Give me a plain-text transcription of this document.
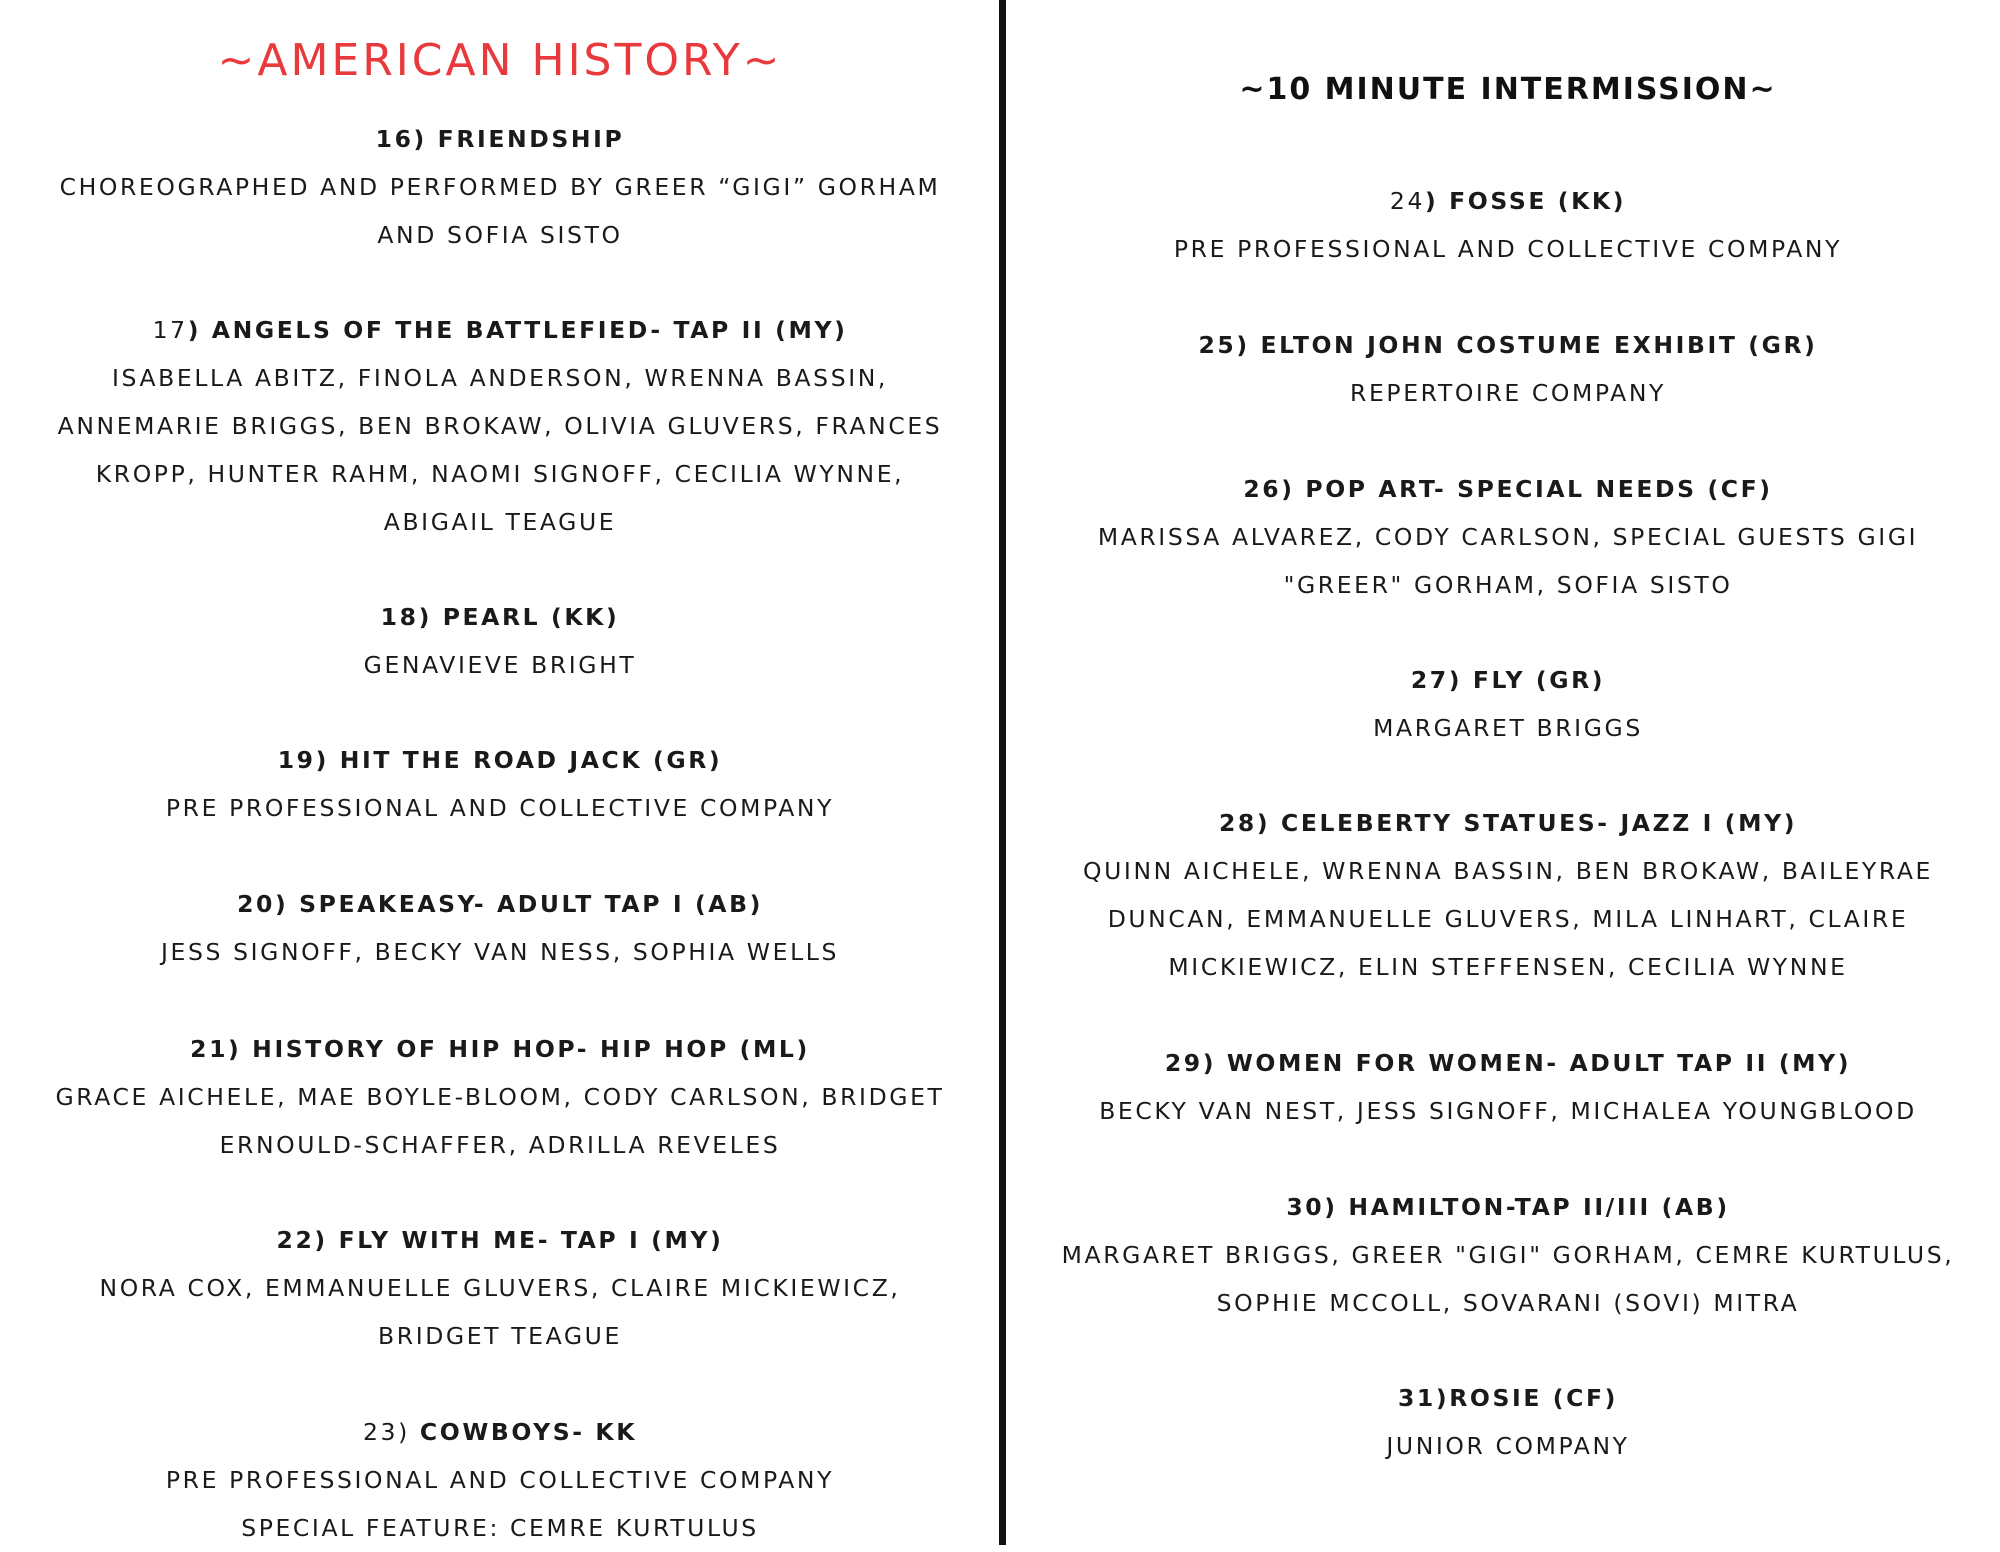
~AMERICAN HISTORY~
16) FRIENDSHIP
CHOREOGRAPHED AND PERFORMED BY GREER “GIGI” GORHAM
AND SOFIA SISTO
17) ANGELS OF THE BATTLEFIED- TAP II (MY)
ISABELLA ABITZ, FINOLA ANDERSON, WRENNA BASSIN,
ANNEMARIE BRIGGS, BEN BROKAW, OLIVIA GLUVERS, FRANCES
KROPP, HUNTER RAHM, NAOMI SIGNOFF, CECILIA WYNNE,
ABIGAIL TEAGUE
18) PEARL (KK)
GENAVIEVE BRIGHT
19) HIT THE ROAD JACK (GR)
PRE PROFESSIONAL AND COLLECTIVE COMPANY
20) SPEAKEASY- ADULT TAP I (AB)
JESS SIGNOFF, BECKY VAN NESS, SOPHIA WELLS
21) HISTORY OF HIP HOP- HIP HOP (ML)
GRACE AICHELE, MAE BOYLE-BLOOM, CODY CARLSON, BRIDGET
ERNOULD-SCHAFFER, ADRILLA REVELES
22) FLY WITH ME- TAP I (MY)
NORA COX, EMMANUELLE GLUVERS, CLAIRE MICKIEWICZ,
BRIDGET TEAGUE
23) COWBOYS- KK
PRE PROFESSIONAL AND COLLECTIVE COMPANY
SPECIAL FEATURE: CEMRE KURTULUS
~10 MINUTE INTERMISSION~
24) FOSSE (KK)
PRE PROFESSIONAL AND COLLECTIVE COMPANY
25) ELTON JOHN COSTUME EXHIBIT (GR)
REPERTOIRE COMPANY
26) POP ART- SPECIAL NEEDS (CF)
MARISSA ALVAREZ, CODY CARLSON, SPECIAL GUESTS GIGI
"GREER" GORHAM, SOFIA SISTO
27) FLY (GR)
MARGARET BRIGGS
28) CELEBERTY STATUES- JAZZ I (MY)
QUINN AICHELE, WRENNA BASSIN, BEN BROKAW, BAILEYRAE
DUNCAN, EMMANUELLE GLUVERS, MILA LINHART, CLAIRE
MICKIEWICZ, ELIN STEFFENSEN, CECILIA WYNNE
29) WOMEN FOR WOMEN- ADULT TAP II (MY)
BECKY VAN NEST, JESS SIGNOFF, MICHALEA YOUNGBLOOD
30) HAMILTON-TAP II/III (AB)
MARGARET BRIGGS, GREER "GIGI" GORHAM, CEMRE KURTULUS,
SOPHIE MCCOLL, SOVARANI (SOVI) MITRA
31)ROSIE (CF)
JUNIOR COMPANY
